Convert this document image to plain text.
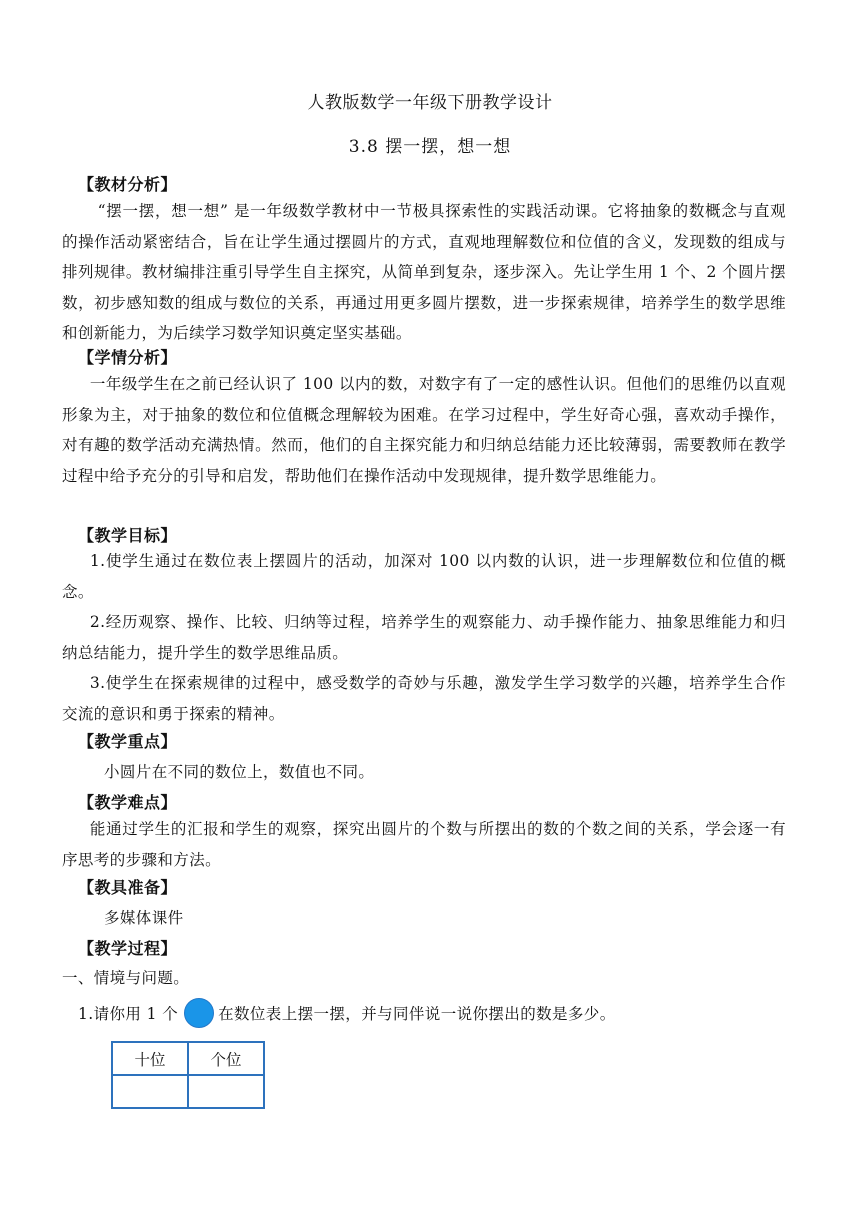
人教版数学一年级下册教学设计
3.8 摆一摆，想一想
【教材分析】
“摆一摆，想一想” 是一年级数学教材中一节极具探索性的实践活动课。它将抽象的数概念与直观的操作活动紧密结合，旨在让学生通过摆圆片的方式，直观地理解数位和位值的含义，发现数的组成与排列规律。教材编排注重引导学生自主探究，从简单到复杂，逐步深入。先让学生用 1 个、2 个圆片摆数，初步感知数的组成与数位的关系，再通过用更多圆片摆数，进一步探索规律，培养学生的数学思维和创新能力，为后续学习数学知识奠定坚实基础。
【学情分析】
一年级学生在之前已经认识了 100 以内的数，对数字有了一定的感性认识。但他们的思维仍以直观形象为主，对于抽象的数位和位值概念理解较为困难。在学习过程中，学生好奇心强，喜欢动手操作，对有趣的数学活动充满热情。然而，他们的自主探究能力和归纳总结能力还比较薄弱，需要教师在教学过程中给予充分的引导和启发，帮助他们在操作活动中发现规律，提升数学思维能力。
【教学目标】
1.使学生通过在数位表上摆圆片的活动，加深对 100 以内数的认识，进一步理解数位和位值的概念。
2.经历观察、操作、比较、归纳等过程，培养学生的观察能力、动手操作能力、抽象思维能力和归纳总结能力，提升学生的数学思维品质。
3.使学生在探索规律的过程中，感受数学的奇妙与乐趣，激发学生学习数学的兴趣，培养学生合作交流的意识和勇于探索的精神。
【教学重点】
小圆片在不同的数位上，数值也不同。
【教学难点】
能通过学生的汇报和学生的观察，探究出圆片的个数与所摆出的数的个数之间的关系，学会逐一有序思考的步骤和方法。
【教具准备】
多媒体课件
【教学过程】
一、情境与问题。
1.请你用 1 个	在数位表上摆一摆，并与同伴说一说你摆出的数是多少。
十位	个位
